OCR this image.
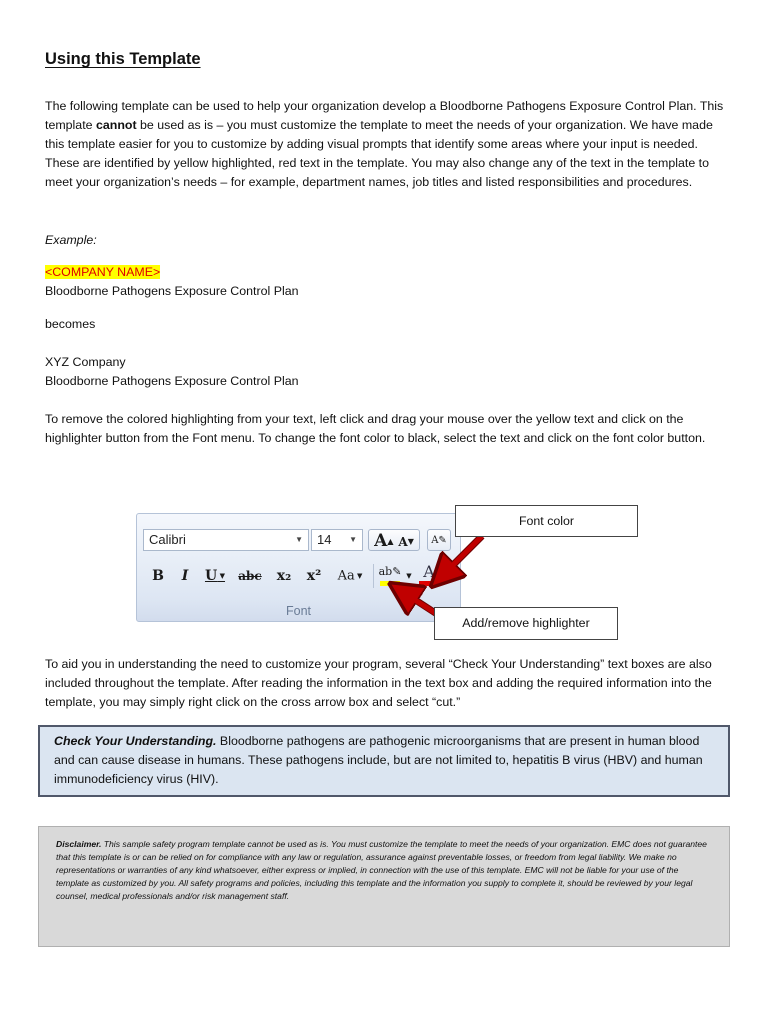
Using this Template
The following template can be used to help your organization develop a Bloodborne Pathogens Exposure Control Plan. This template cannot be used as is – you must customize the template to meet the needs of your organization. We have made this template easier for you to customize by adding visual prompts that identify some areas where your input is needed. These are identified by yellow highlighted, red text in the template. You may also change any of the text in the template to meet your organization’s needs – for example, department names, job titles and listed responsibilities and procedures.
Example:
<COMPANY NAME>
Bloodborne Pathogens Exposure Control Plan
becomes
XYZ Company
Bloodborne Pathogens Exposure Control Plan
To remove the colored highlighting from your text, left click and drag your mouse over the yellow text and click on the highlighter button from the Font menu. To change the font color to black, select the text and click on the font color button.
Calibri	▼	14 ▼	A▲ A▼	A✎
B	I	U ▼	abc	x₂	x²	Aa ▼	ab✎ ▼ A
Font
Font color
Add/remove highlighter
To aid you in understanding the need to customize your program, several “Check Your Understanding” text boxes are also included throughout the template. After reading the information in the text box and adding the required information into the template, you may simply right click on the cross arrow box and select “cut.”
Check Your Understanding. Bloodborne pathogens are pathogenic microorganisms that are present in human blood and can cause disease in humans. These pathogens include, but are not limited to, hepatitis B virus (HBV) and human immunodeficiency virus (HIV).
Disclaimer. This sample safety program template cannot be used as is. You must customize the template to meet the needs of your organization. EMC does not guarantee that this template is or can be relied on for compliance with any law or regulation, assurance against preventable losses, or freedom from legal liability. We make no representations or warranties of any kind whatsoever, either express or implied, in connection with the use of this template. EMC will not be liable for your use of the template as customized by you. All safety programs and policies, including this template and the information you supply to complete it, should be reviewed by your legal counsel, medical professionals and/or risk management staff.
